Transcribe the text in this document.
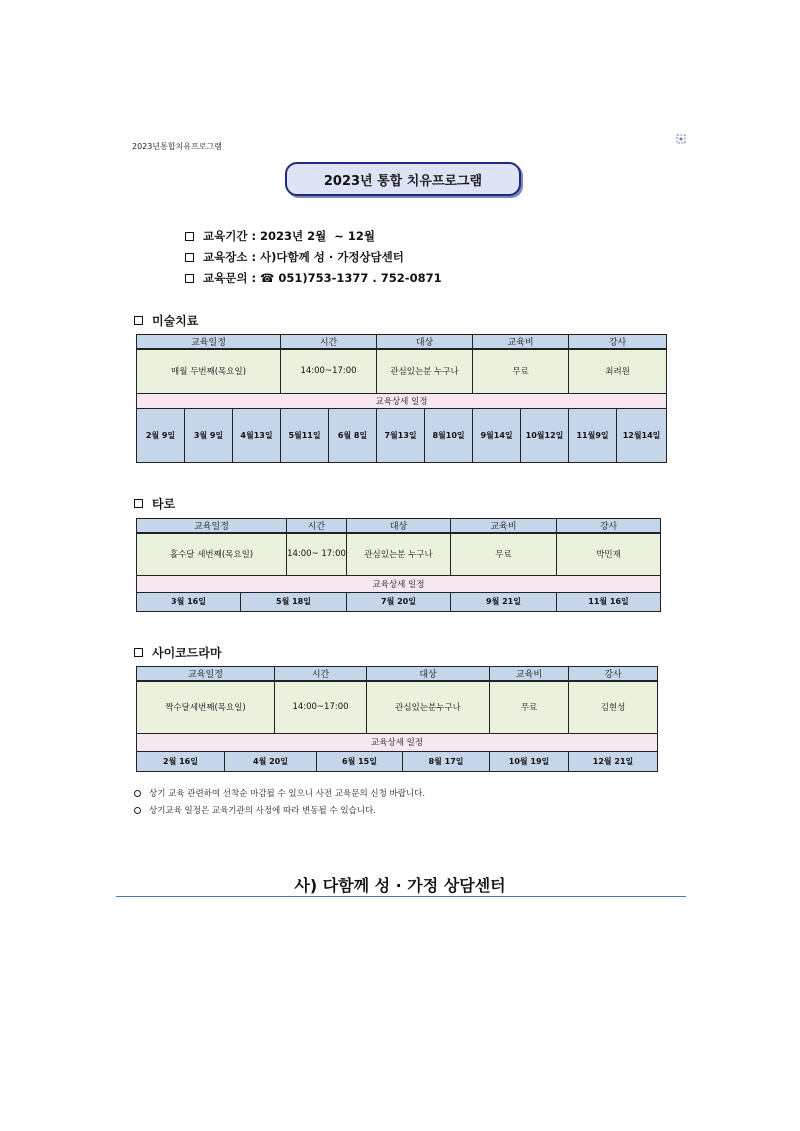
2023년통합치유프로그램
2023년 통합 치유프로그램
교육기간 : 2023년 2월  ~ 12월
교육장소 : 사)다함께 성 · 가정상담센터
교육문의 : ☎ 051)753-1377 . 752-0871
미술치료
교육일정			시간		대상		교육비		강사	
매월 두번째(목요일)			14:00~17:00		관심있는분 누구나		무료		최려원	
교육상세 일정										
2월 9일	3월 9일	4월13일	5월11일	6월 8일	7월13일	8월10일	9월14일	10월12일	11월9일	12월14일
타로
교육일정		시간	대상	교육비	강사
홀수달 세번째(목요일)		14:00~ 17:00	관심있는분 누구나	무료	박민재
교육상세 일정					
3월 16일	5월 18일		7월 20일	9월 21일	11월 16일
사이코드라마
교육일정		시간		대상		교육비	강사
짝수달세번째(목요일)		14:00~17:00		관심있는분누구나		무료	김현성
교육상세 일정							
2월 16일	4월 20일		6월 15일		8월 17일	10월 19일	12월 21일
상기 교육 관련하여 선착순 마감될 수 있으니 사전 교육문의 신청 바랍니다.
상기교육 일정은 교육기관의 사정에 따라 변동될 수 있습니다.
사) 다함께 성 · 가정 상담센터
